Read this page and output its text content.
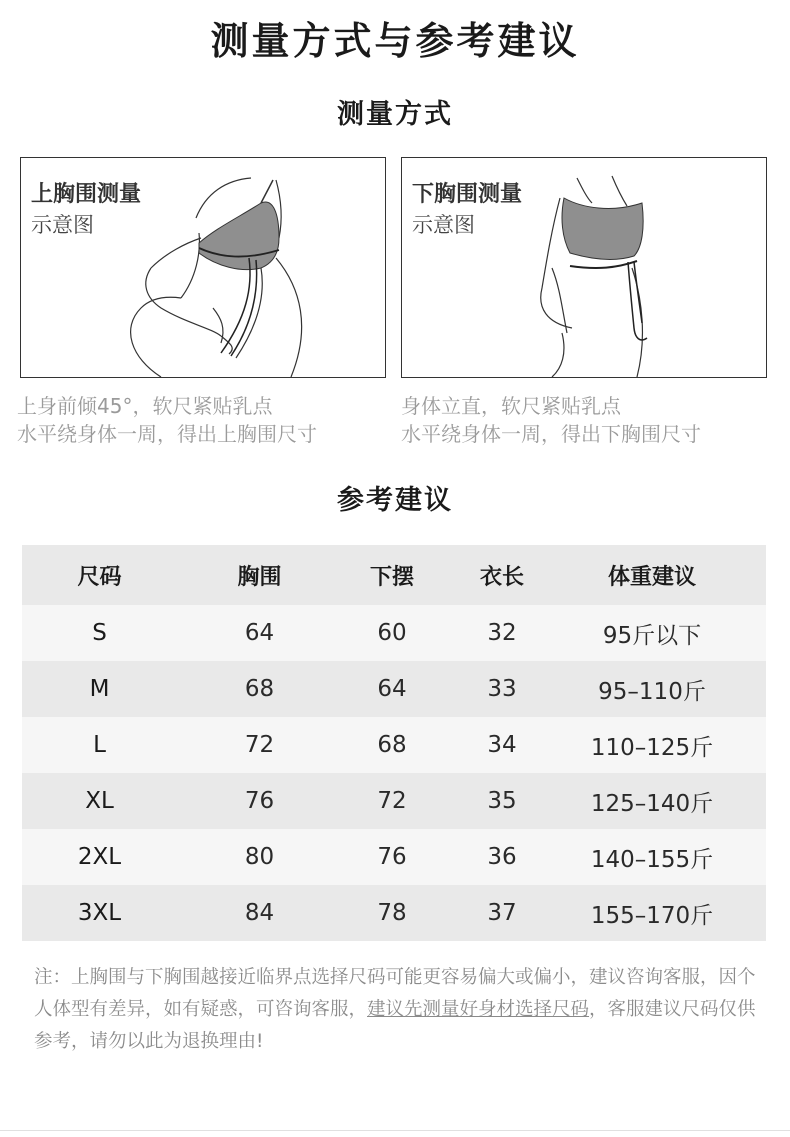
测量方式与参考建议
测量方式
上胸围测量
示意图
下胸围测量
示意图
上身前倾45°，软尺紧贴乳点
水平绕身体一周，得出上胸围尺寸
身体立直，软尺紧贴乳点
水平绕身体一周，得出下胸围尺寸
参考建议
尺码	胸围	下摆	衣长	体重建议
S	64	60	32	95斤以下
M	68	64	33	95–110斤
L	72	68	34	110–125斤
XL	76	72	35	125–140斤
2XL	80	76	36	140–155斤
3XL	84	78	37	155–170斤
注：上胸围与下胸围越接近临界点选择尺码可能更容易偏大或偏小，建议咨询客服，因个人体型有差异，如有疑惑，可咨询客服，建议先测量好身材选择尺码，客服建议尺码仅供参考，请勿以此为退换理由!
